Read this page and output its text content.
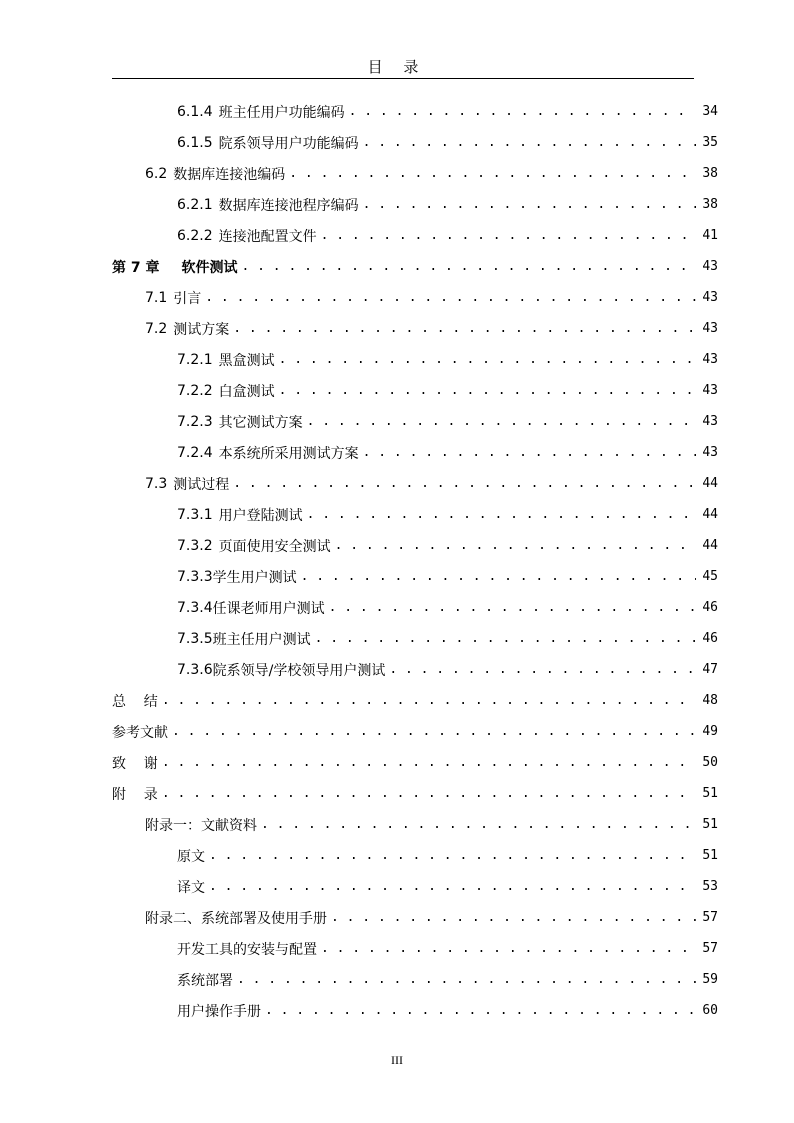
目 录
6.1.4 班主任用户功能编码 . . .	34
6.1.5 院系领导用户功能编码 . . .	35
6.2 数据库连接池编码 . . .	38
6.2.1 数据库连接池程序编码 . . .	38
6.2.2 连接池配置文件 . . .	41
第 7 章 软件测试 . . .	43
7.1 引言 . . .	43
7.2 测试方案 . . .	43
7.2.1 黑盒测试 . . .	43
7.2.2 白盒测试 . . .	43
7.2.3 其它测试方案 . . .	43
7.2.4 本系统所采用测试方案 . . .	43
7.3 测试过程 . . .	44
7.3.1 用户登陆测试 . . .	44
7.3.2 页面使用安全测试 . . .	44
7.3.3 学生用户测试 . . .	45
7.3.4 任课老师用户测试 . . .	46
7.3.5 班主任用户测试 . . .	46
7.3.6 院系领导/学校领导用户测试 . . .	47
总    结 . . .	48
参考文献 . . .	49
致    谢 . . .	50
附    录 . . .	51
附录一：文献资料 . . .	51
原文 . . .	51
译文 . . .	53
附录二、系统部署及使用手册 . . .	57
开发工具的安装与配置 . . .	57
系统部署 . . .	59
用户操作手册 . . .	60
III
